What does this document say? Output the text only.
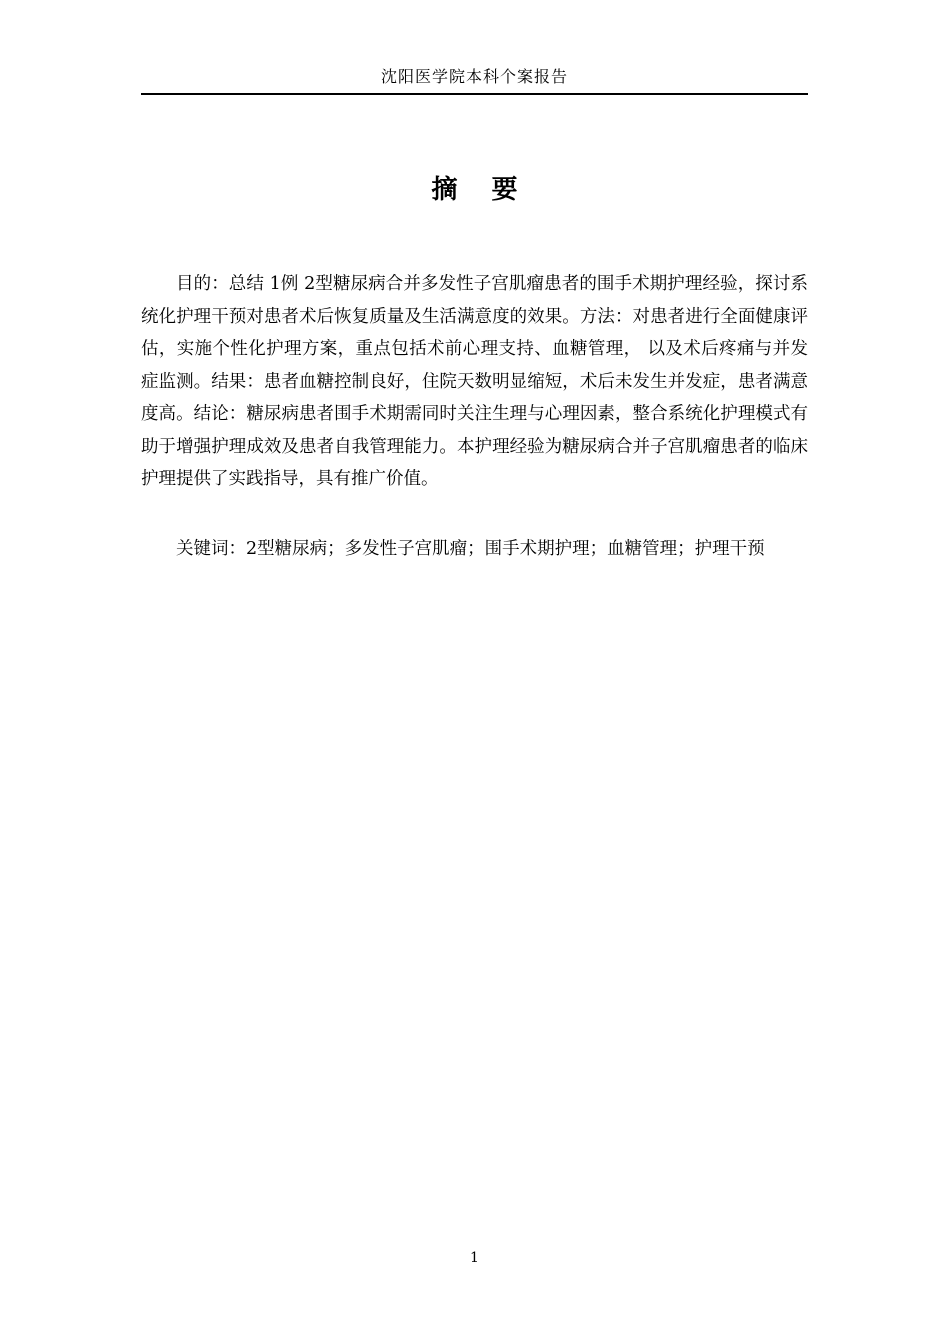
沈阳医学院本科个案报告
摘要

目的：总结 1例 2型糖尿病合并多发性子宫肌瘤患者的围手术期护理经验，探讨系统化护理干预对患者术后恢复质量及生活满意度的效果。方法：对患者进行全面健康评估，实施个性化护理方案，重点包括术前心理支持、血糖管理， 以及术后疼痛与并发症监测。结果：患者血糖控制良好，住院天数明显缩短，术后未发生并发症，患者满意度高。结论：糖尿病患者围手术期需同时关注生理与心理因素，整合系统化护理模式有助于增强护理成效及患者自我管理能力。本护理经验为糖尿病合并子宫肌瘤患者的临床护理提供了实践指导，具有推广价值。

关键词：2型糖尿病；多发性子宫肌瘤；围手术期护理；血糖管理；护理干预

1
